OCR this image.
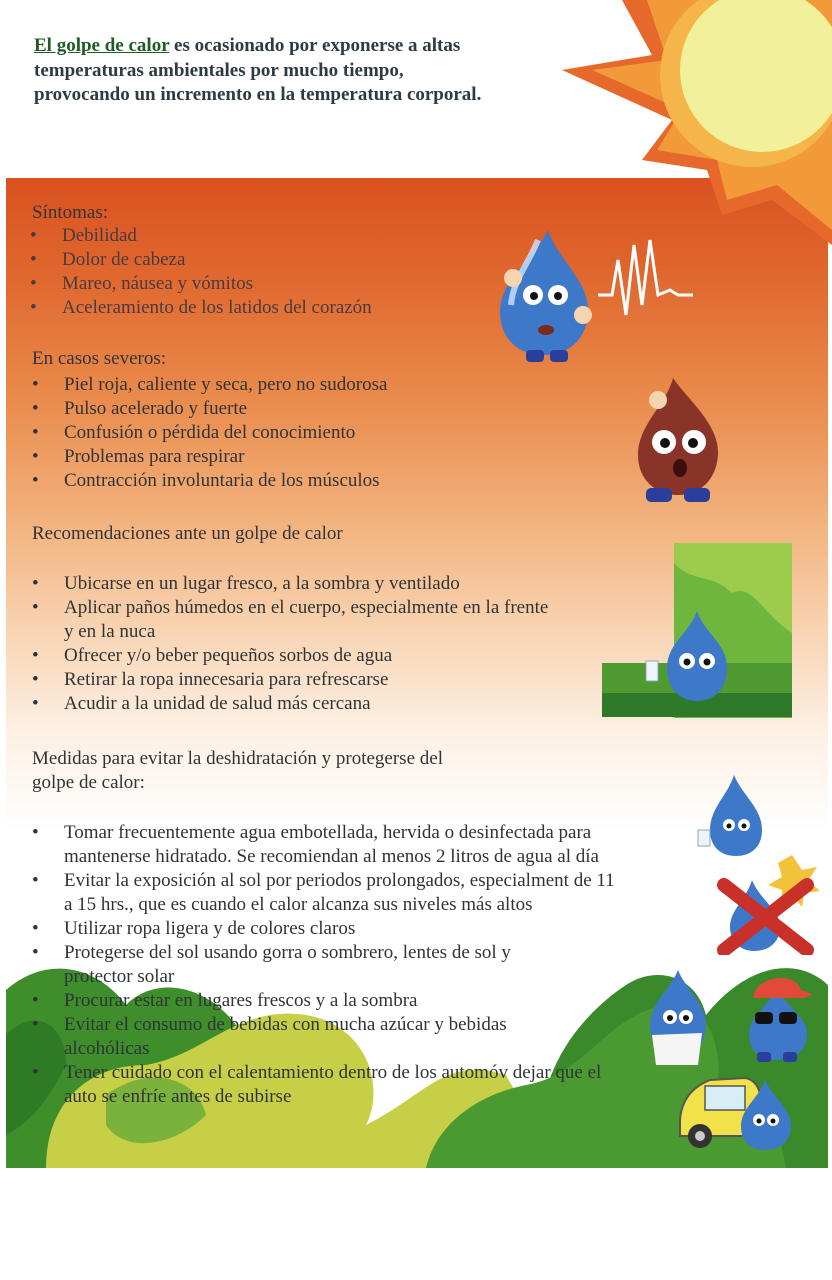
El golpe de calor es ocasionado por exponerse a altas temperaturas ambientales por mucho tiempo, provocando un incremento en la temperatura corporal.

Síntomas:

• Debilidad
• Dolor de cabeza
• Mareo, náusea y vómitos
• Aceleramiento de los latidos del corazón

En casos severos:

• Piel roja, caliente y seca, pero no sudorosa
• Pulso acelerado y fuerte
• Confusión o pérdida del conocimiento
• Problemas para respirar
• Contracción involuntaria de los músculos

Recomendaciones ante un golpe de calor

• Ubicarse en un lugar fresco, a la sombra y ventilado
• Aplicar paños húmedos en el cuerpo, especialmente en la frente y en la nuca
• Ofrecer y/o beber pequeños sorbos de agua
• Retirar la ropa innecesaria para refrescarse
• Acudir a la unidad de salud más cercana

Medidas para evitar la deshidratación y protegerse del golpe de calor:

• Tomar frecuentemente agua embotellada, hervida o desinfectada para mantenerse hidratado. Se recomiendan al menos 2 litros de agua al día
• Evitar la exposición al sol por periodos prolongados, especialment de 11 a 15 hrs., que es cuando el calor alcanza sus niveles más altos
• Utilizar ropa ligera y de colores claros
• Protegerse del sol usando gorra o sombrero, lentes de sol y protector solar
• Procurar estar en lugares frescos y a la sombra
• Evitar el consumo de bebidas con mucha azúcar y bebidas alcohólicas
• Tener cuidado con el calentamiento dentro de los automóv dejar que el auto se enfríe antes de subirse
